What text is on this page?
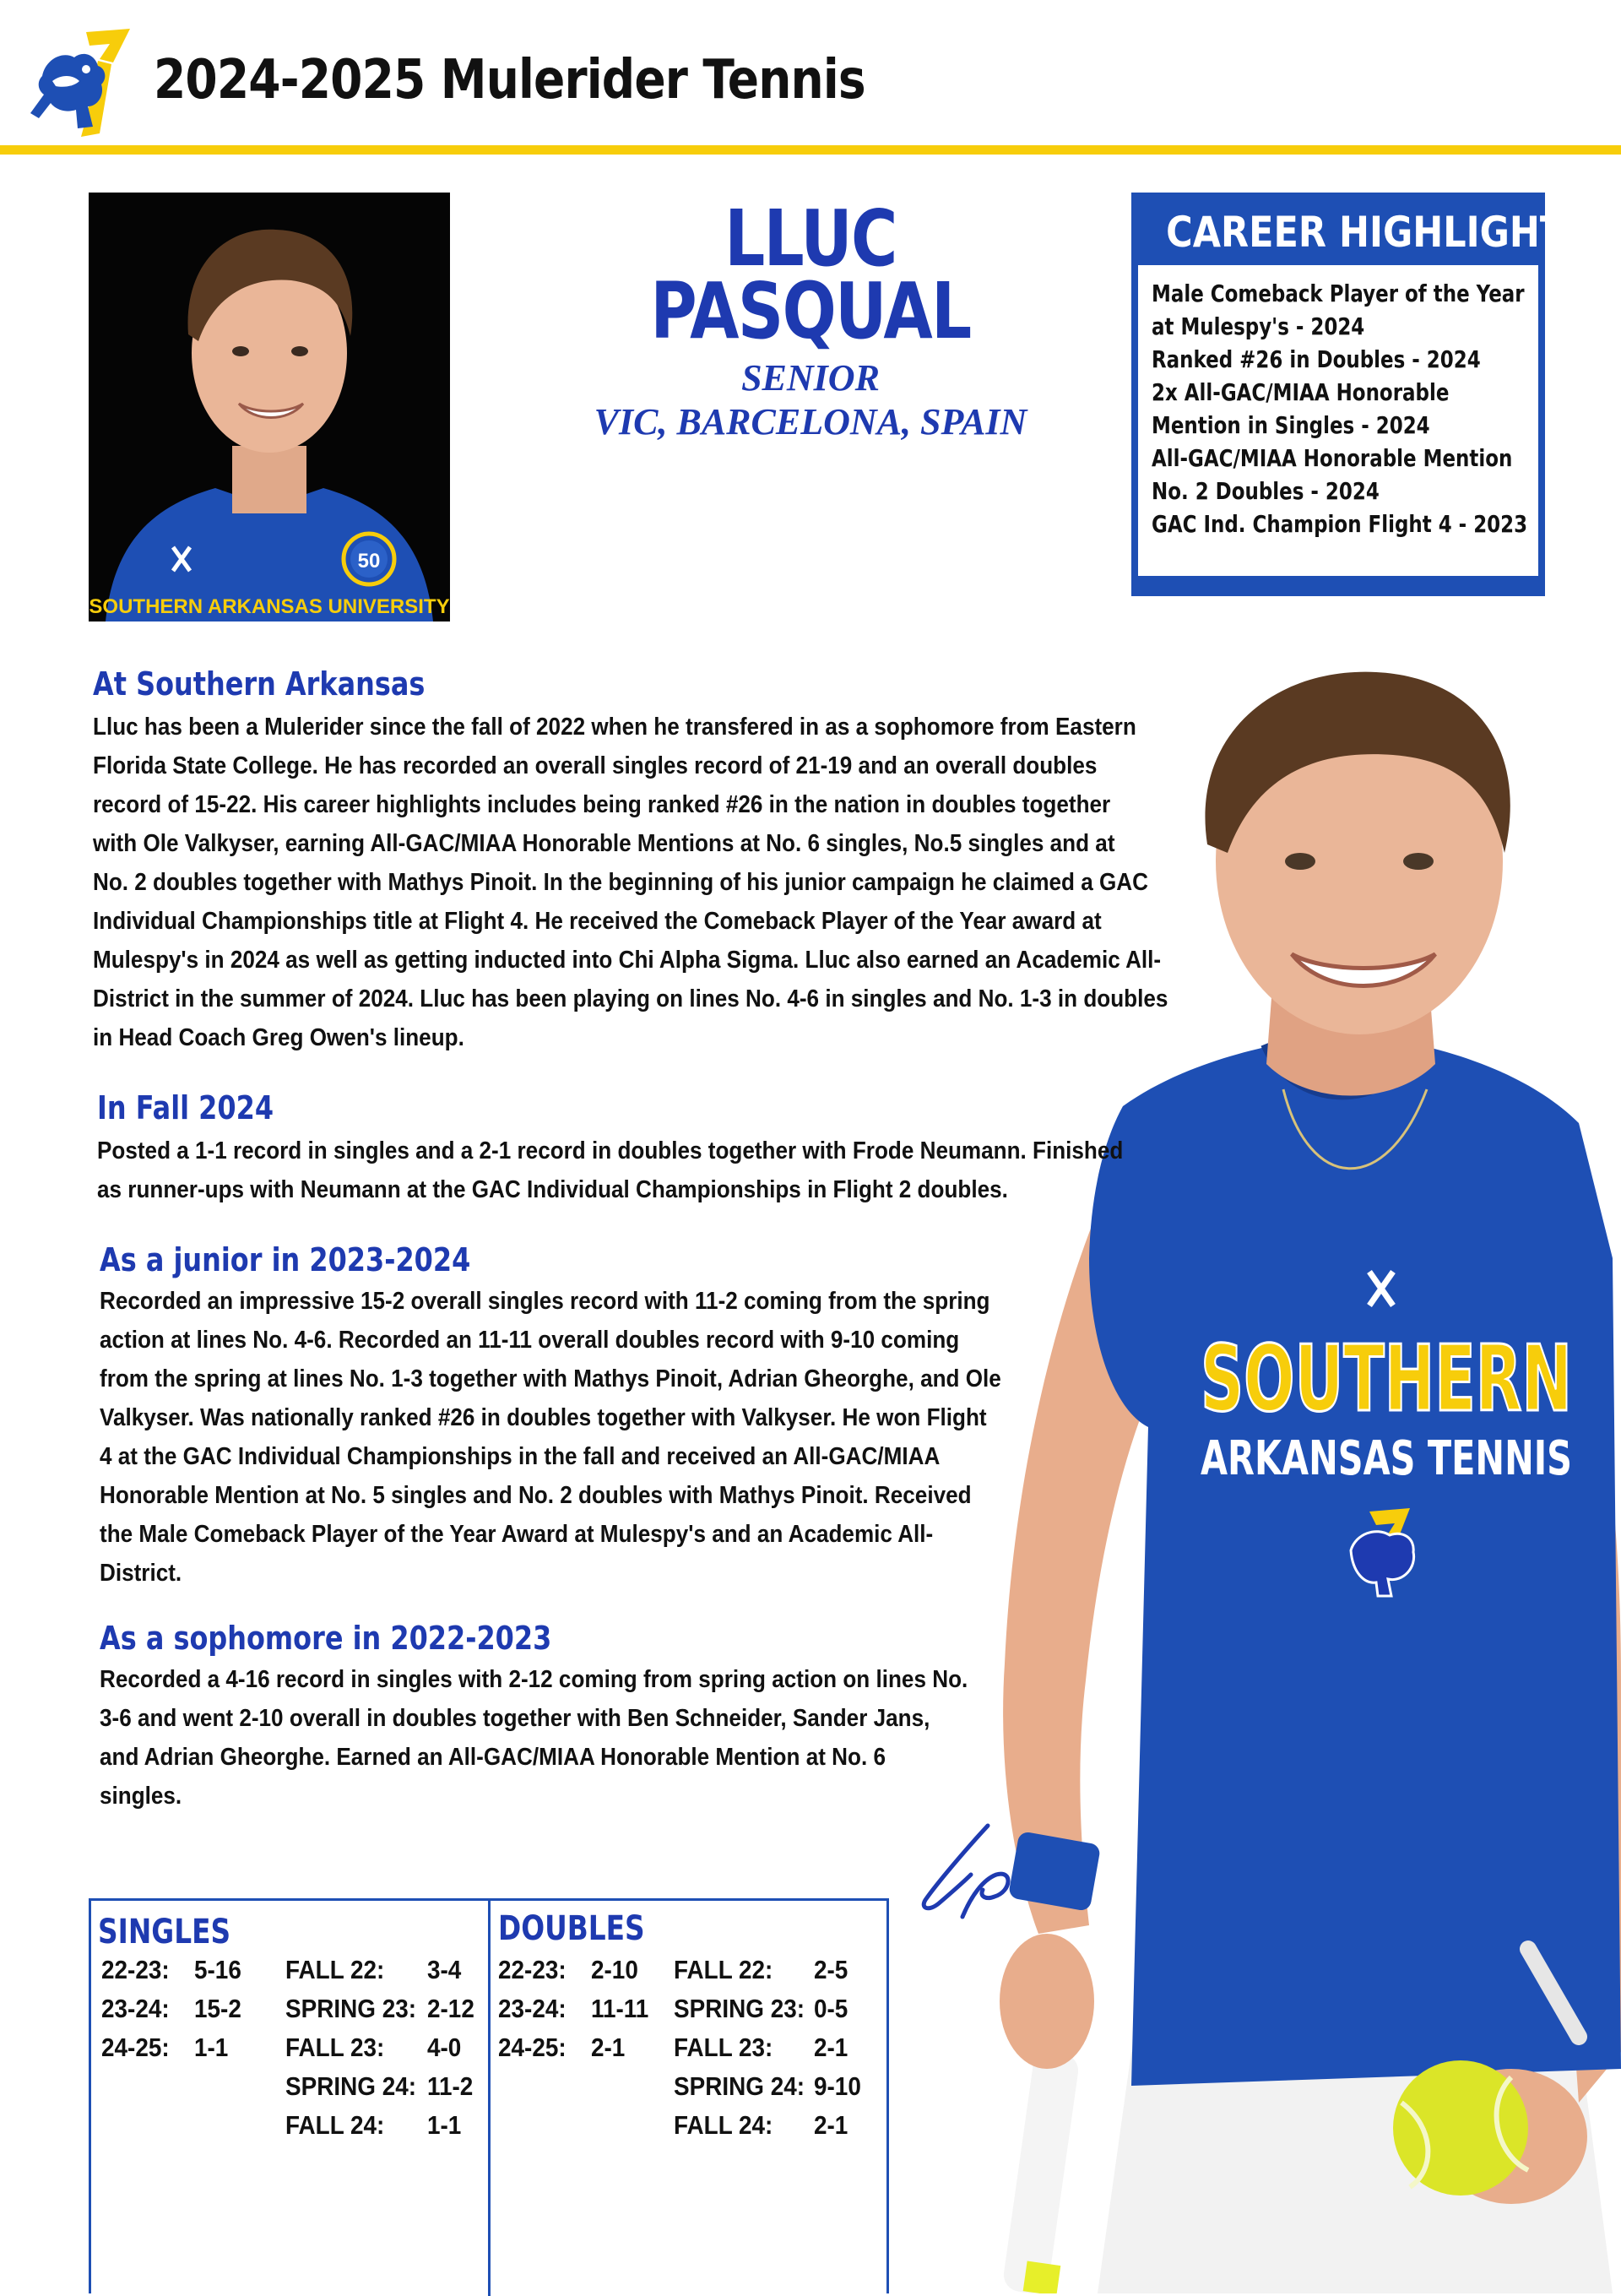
2024-2025 Mulerider Tennis
50
SOUTHERN ARKANSAS UNIVERSITY
LLUC
PASQUAL
SENIOR
VIC, BARCELONA, SPAIN
CAREER HIGHLIGHTS
Male Comeback Player of the Year
at Mulespy's - 2024
Ranked #26 in Doubles - 2024
2x All-GAC/MIAA Honorable
Mention in Singles - 2024
All-GAC/MIAA Honorable Mention
No. 2 Doubles - 2024
GAC Ind. Champion Flight 4 - 2023
SOUTHERN
ARKANSAS TENNIS
At Southern Arkansas
Lluc has been a Mulerider since the fall of 2022 when he transfered in as a sophomore from Eastern
Florida State College. He has recorded an overall singles record of 21-19 and an overall doubles
record of 15-22. His career highlights includes being ranked #26 in the nation in doubles together
with Ole Valkyser, earning All-GAC/MIAA Honorable Mentions at No. 6 singles, No.5 singles and at
No. 2 doubles together with Mathys Pinoit. In the beginning of his junior campaign he claimed a GAC
Individual Championships title at Flight 4. He received the Comeback Player of the Year award at
Mulespy's in 2024 as well as getting inducted into Chi Alpha Sigma. Lluc also earned an Academic All-
District in the summer of 2024. Lluc has been playing on lines No. 4-6 in singles and No. 1-3 in doubles
in Head Coach Greg Owen's lineup.
In Fall 2024
Posted a 1-1 record in singles and a 2-1 record in doubles together with Frode Neumann. Finished
as runner-ups with Neumann at the GAC Individual Championships in Flight 2 doubles.
As a junior in 2023-2024
Recorded an impressive 15-2 overall singles record with 11-2 coming from the spring
action at lines No. 4-6. Recorded an 11-11 overall doubles record with 9-10 coming
from the spring at lines No. 1-3 together with Mathys Pinoit, Adrian Gheorghe, and Ole
Valkyser. Was nationally ranked #26 in doubles together with Valkyser. He won Flight
4 at the GAC Individual Championships in the fall and received an All-GAC/MIAA
Honorable Mention at No. 5 singles and No. 2 doubles with Mathys Pinoit. Received
the Male Comeback Player of the Year Award at Mulespy's and an Academic All-
District.
As a sophomore in 2022-2023
Recorded a 4-16 record in singles with 2-12 coming from spring action on lines No.
3-6 and went 2-10 overall in doubles together with Ben Schneider, Sander Jans,
and Adrian Gheorghe. Earned an All-GAC/MIAA Honorable Mention at No. 6
singles.
SINGLES
22-23: 5-16
23-24: 15-2
24-25: 1-1
FALL 22: 3-4
SPRING 23: 2-12
FALL 23: 4-0
SPRING 24: 11-2
FALL 24: 1-1
DOUBLES
22-23: 2-10
23-24: 11-11
24-25: 2-1
FALL 22: 2-5
SPRING 23: 0-5
FALL 23: 2-1
SPRING 24: 9-10
FALL 24: 2-1
